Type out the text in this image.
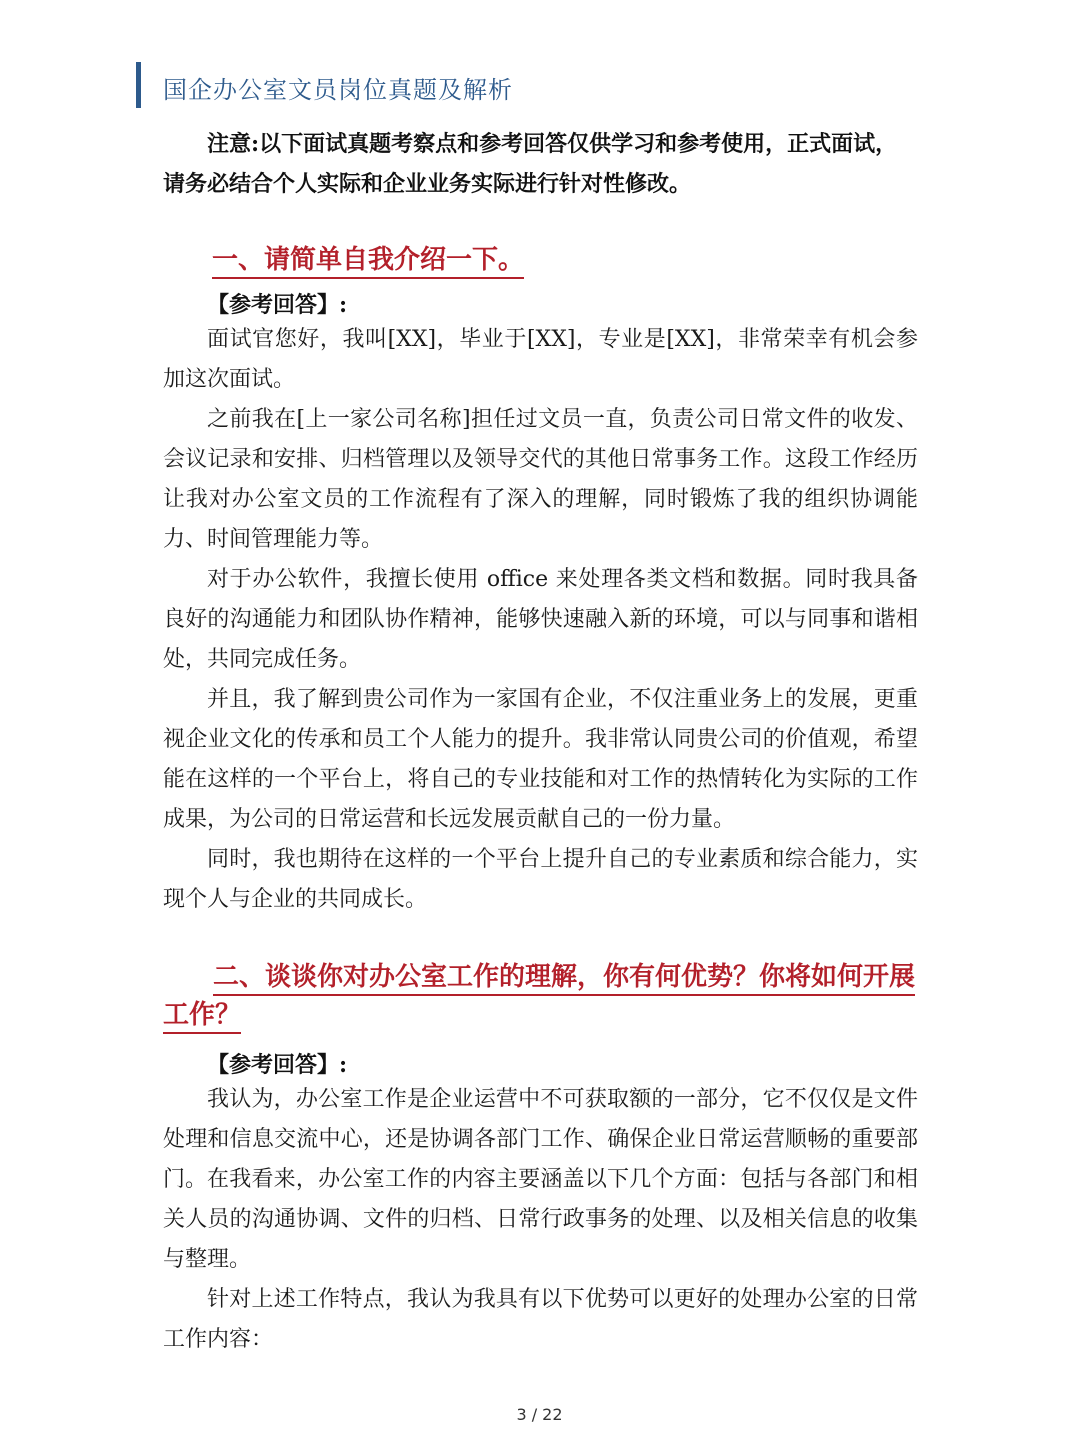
国企办公室文员岗位真题及解析
注意:以下面试真题考察点和参考回答仅供学习和参考使用，正式面试，请务必结合个人实际和企业业务实际进行针对性修改。
一、请简单自我介绍一下。
【参考回答】:
面试官您好，我叫[XX]，毕业于[XX]，专业是[XX]，非常荣幸有机会参加这次面试。
之前我在[上一家公司名称]担任过文员一直，负责公司日常文件的收发、会议记录和安排、归档管理以及领导交代的其他日常事务工作。这段工作经历让我对办公室文员的工作流程有了深入的理解，同时锻炼了我的组织协调能力、时间管理能力等。
对于办公软件，我擅长使用 office 来处理各类文档和数据。同时我具备良好的沟通能力和团队协作精神，能够快速融入新的环境，可以与同事和谐相处，共同完成任务。
并且，我了解到贵公司作为一家国有企业，不仅注重业务上的发展，更重视企业文化的传承和员工个人能力的提升。我非常认同贵公司的价值观，希望能在这样的一个平台上，将自己的专业技能和对工作的热情转化为实际的工作成果，为公司的日常运营和长远发展贡献自己的一份力量。
同时，我也期待在这样的一个平台上提升自己的专业素质和综合能力，实现个人与企业的共同成长。
二、谈谈你对办公室工作的理解，你有何优势？你将如何开展工作？
【参考回答】:
我认为，办公室工作是企业运营中不可获取额的一部分，它不仅仅是文件处理和信息交流中心，还是协调各部门工作、确保企业日常运营顺畅的重要部门。 在我看来，办公室工作的内容主要涵盖以下几个方面：包括与各部门和相关人员的沟通协调、文件的归档、日常行政事务的处理、以及相关信息的收集与整理。
针对上述工作特点，我认为我具有以下优势可以更好的处理办公室的日常工作内容：
3 / 22
